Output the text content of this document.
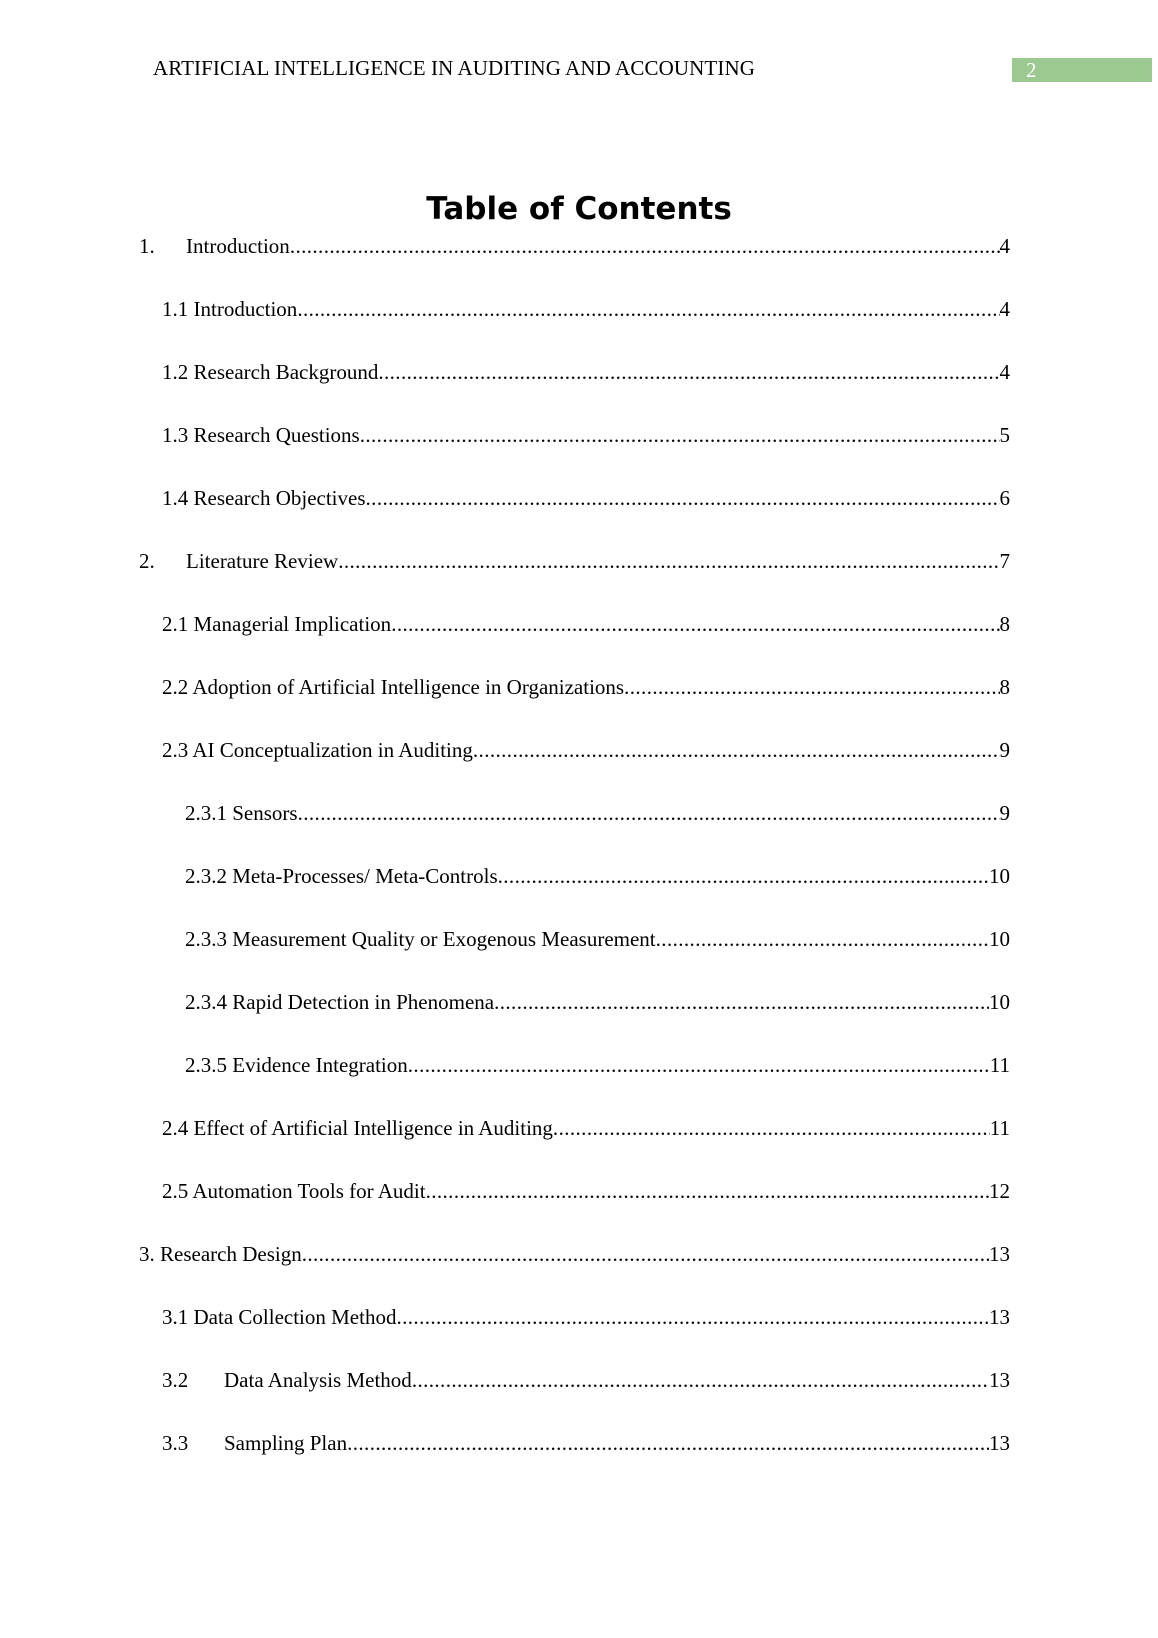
ARTIFICIAL INTELLIGENCE IN AUDITING AND ACCOUNTING	2
Table of Contents
1.	Introduction .....	4
1.1 Introduction .....	4
1.2 Research Background .....	4
1.3 Research Questions .....	5
1.4 Research Objectives .....	6
2.	Literature Review .....	7
2.1 Managerial Implication .....	8
2.2 Adoption of Artificial Intelligence in Organizations .....	8
2.3 AI Conceptualization in Auditing .....	9
2.3.1 Sensors .....	9
2.3.2 Meta-Processes/ Meta-Controls .....	10
2.3.3 Measurement Quality or Exogenous Measurement .....	10
2.3.4 Rapid Detection in Phenomena .....	10
2.3.5 Evidence Integration .....	11
2.4 Effect of Artificial Intelligence in Auditing .....	11
2.5 Automation Tools for Audit .....	12
3. Research Design .....	13
3.1 Data Collection Method .....	13
3.2	Data Analysis Method .....	13
3.3	Sampling Plan .....	13
